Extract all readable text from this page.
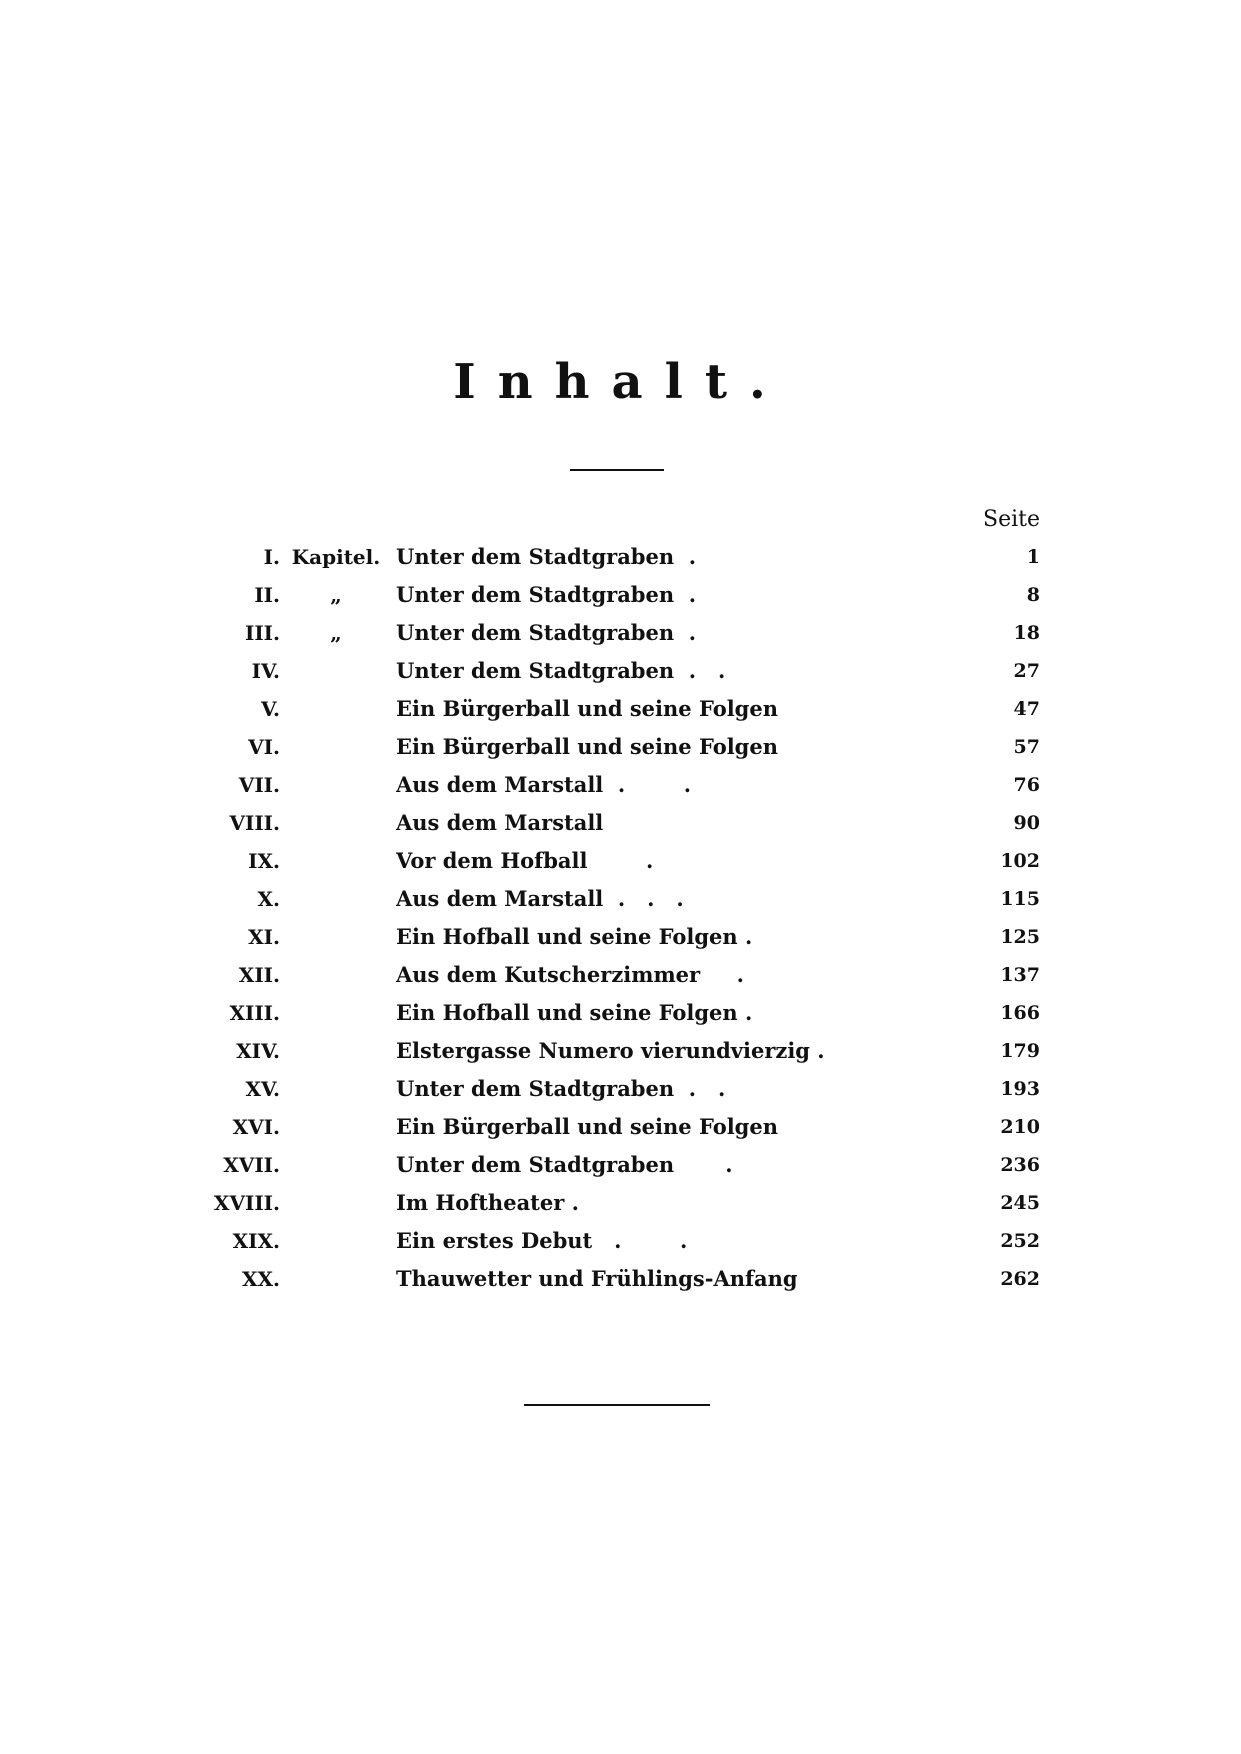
Inhalt.
Seite
I. Kapitel. Unter dem Stadtgraben  .	1
II.	„	Unter dem Stadtgraben  .	8
III.	„	Unter dem Stadtgraben  .	18
IV.	Unter dem Stadtgraben  .   .	27
V.	Ein Bürgerball und seine Folgen	47
VI.	Ein Bürgerball und seine Folgen	57
VII.	Aus dem Marstall  .        .	76
VIII.	Aus dem Marstall	90
IX.	Vor dem Hofball        .	102
X.	Aus dem Marstall  .   .   .	115
XI.	Ein Hofball und seine Folgen .	125
XII.	Aus dem Kutscherzimmer     .	137
XIII.	Ein Hofball und seine Folgen .	166
XIV.	Elstergasse Numero vierundvierzig .	179
XV.	Unter dem Stadtgraben  .   .	193
XVI.	Ein Bürgerball und seine Folgen	210
XVII.	Unter dem Stadtgraben       .	236
XVIII.	Im Hoftheater .	245
XIX.	Ein erstes Debut   .        .	252
XX.	Thauwetter und Frühlings-Anfang	262
